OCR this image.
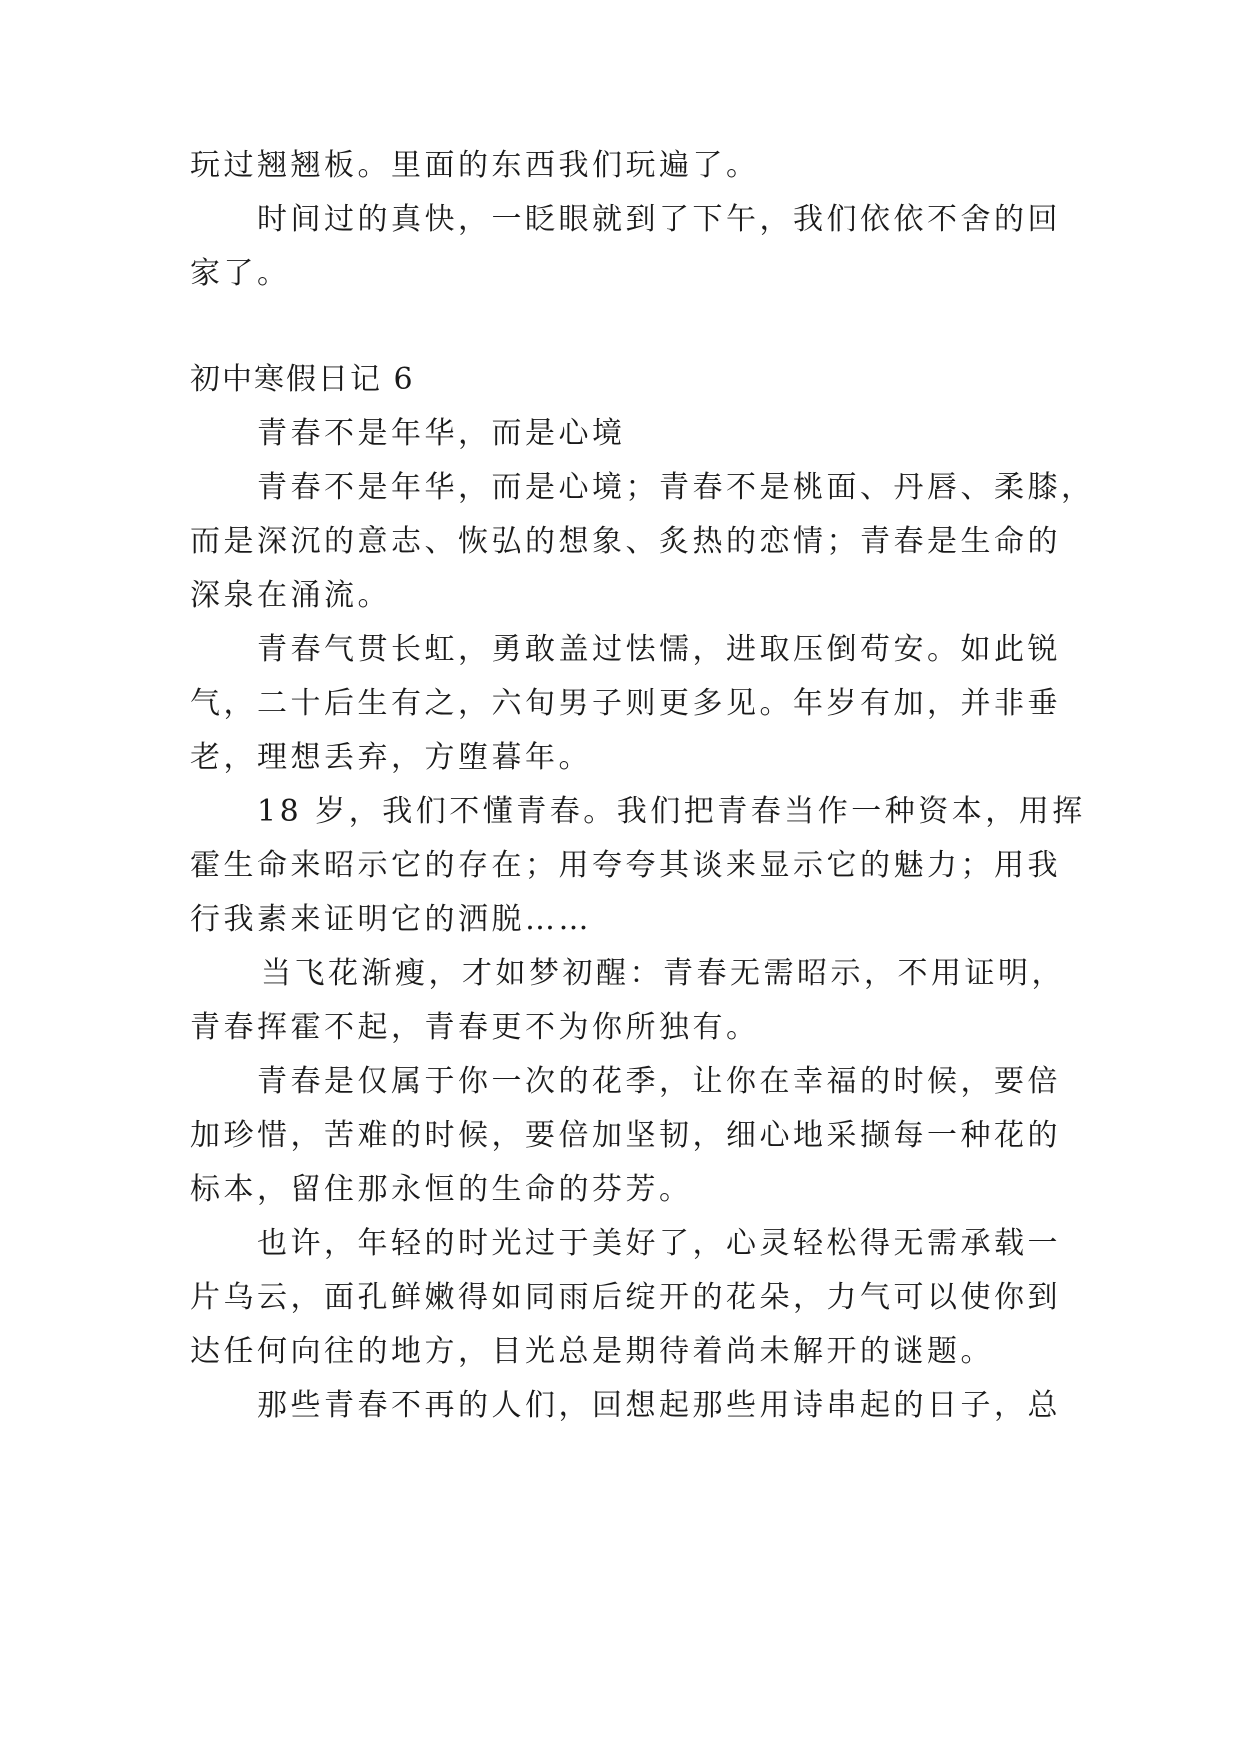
玩过翘翘板。里面的东西我们玩遍了。
时间过的真快，一眨眼就到了下午，我们依依不舍的回
家了。
初中寒假日记 6
青春不是年华，而是心境
青春不是年华，而是心境；青春不是桃面、丹唇、柔膝，
而是深沉的意志、恢弘的想象、炙热的恋情；青春是生命的
深泉在涌流。
青春气贯长虹，勇敢盖过怯懦，进取压倒苟安。如此锐
气，二十后生有之，六旬男子则更多见。年岁有加，并非垂
老，理想丢弃，方堕暮年。
18 岁，我们不懂青春。我们把青春当作一种资本，用挥
霍生命来昭示它的存在；用夸夸其谈来显示它的魅力；用我
行我素来证明它的洒脱……
当飞花渐瘦，才如梦初醒：青春无需昭示，不用证明，
青春挥霍不起，青春更不为你所独有。
青春是仅属于你一次的花季，让你在幸福的时候，要倍
加珍惜，苦难的时候，要倍加坚韧，细心地采撷每一种花的
标本，留住那永恒的生命的芬芳。
也许，年轻的时光过于美好了，心灵轻松得无需承载一
片乌云，面孔鲜嫩得如同雨后绽开的花朵，力气可以使你到
达任何向往的地方，目光总是期待着尚未解开的谜题。
那些青春不再的人们，回想起那些用诗串起的日子，总
